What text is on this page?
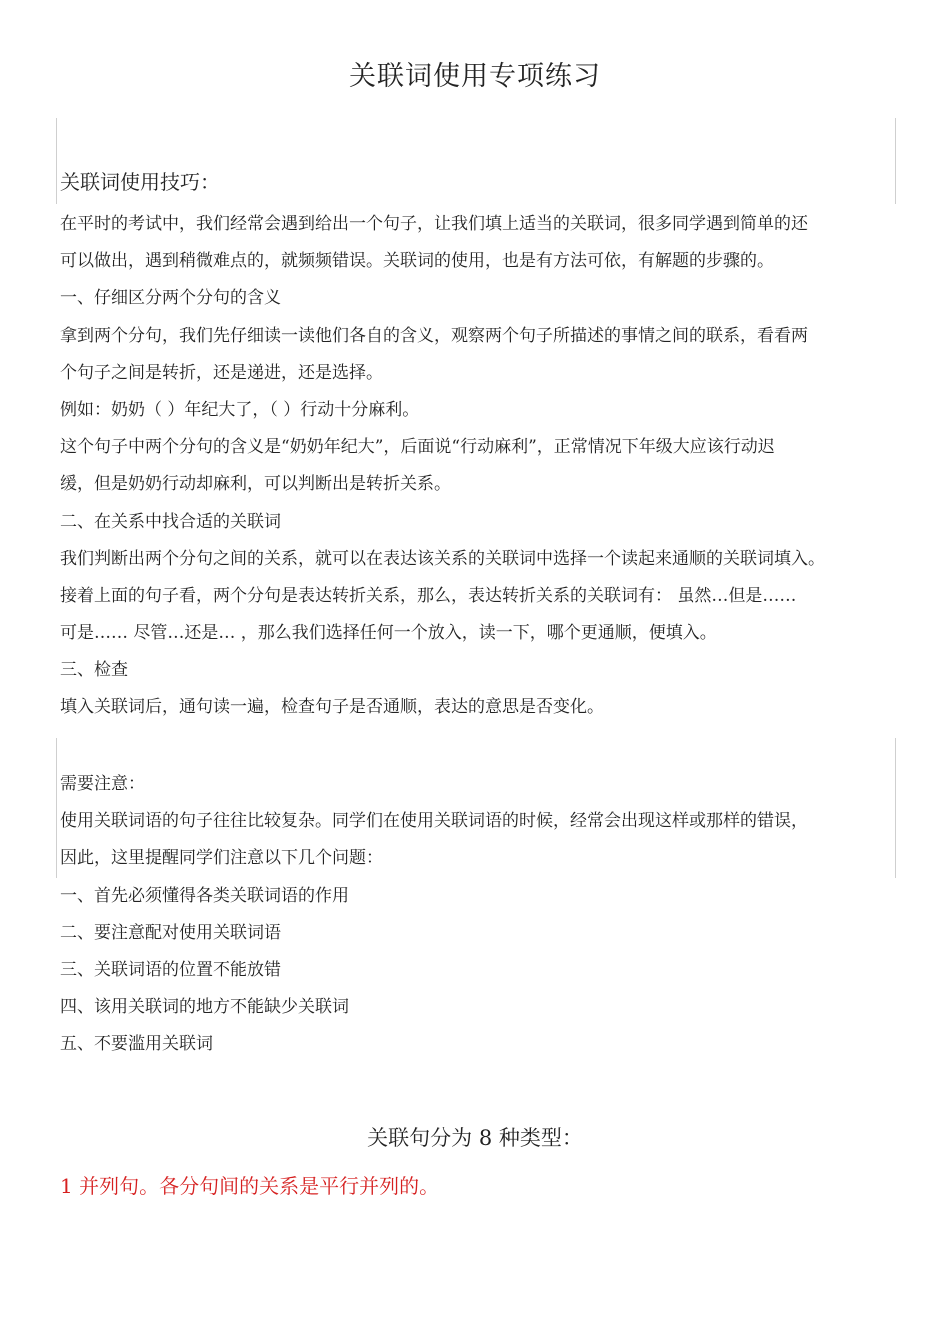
关联词使用专项练习
关联词使用技巧：
在平时的考试中，我们经常会遇到给出一个句子，让我们填上适当的关联词，很多同学遇到简单的还
可以做出，遇到稍微难点的，就频频错误。关联词的使用，也是有方法可依，有解题的步骤的。
一、仔细区分两个分句的含义
拿到两个分句，我们先仔细读一读他们各自的含义，观察两个句子所描述的事情之间的联系，看看两
个句子之间是转折，还是递进，还是选择。
例如：奶奶（ ）年纪大了，（ ）行动十分麻利。
这个句子中两个分句的含义是“奶奶年纪大”，后面说“行动麻利”，正常情况下年级大应该行动迟
缓，但是奶奶行动却麻利，可以判断出是转折关系。
二、在关系中找合适的关联词
我们判断出两个分句之间的关系，就可以在表达该关系的关联词中选择一个读起来通顺的关联词填入。
接着上面的句子看，两个分句是表达转折关系，那么，表达转折关系的关联词有： 虽然…但是……
可是…… 尽管…还是… ，那么我们选择任何一个放入，读一下，哪个更通顺，便填入。
三、检查
填入关联词后，通句读一遍，检查句子是否通顺，表达的意思是否变化。
需要注意：
使用关联词语的句子往往比较复杂。同学们在使用关联词语的时候，经常会出现这样或那样的错误，
因此，这里提醒同学们注意以下几个问题：
一、首先必须懂得各类关联词语的作用
二、要注意配对使用关联词语
三、关联词语的位置不能放错
四、该用关联词的地方不能缺少关联词
五、不要滥用关联词
关联句分为 8 种类型：
1 并列句。各分句间的关系是平行并列的。
